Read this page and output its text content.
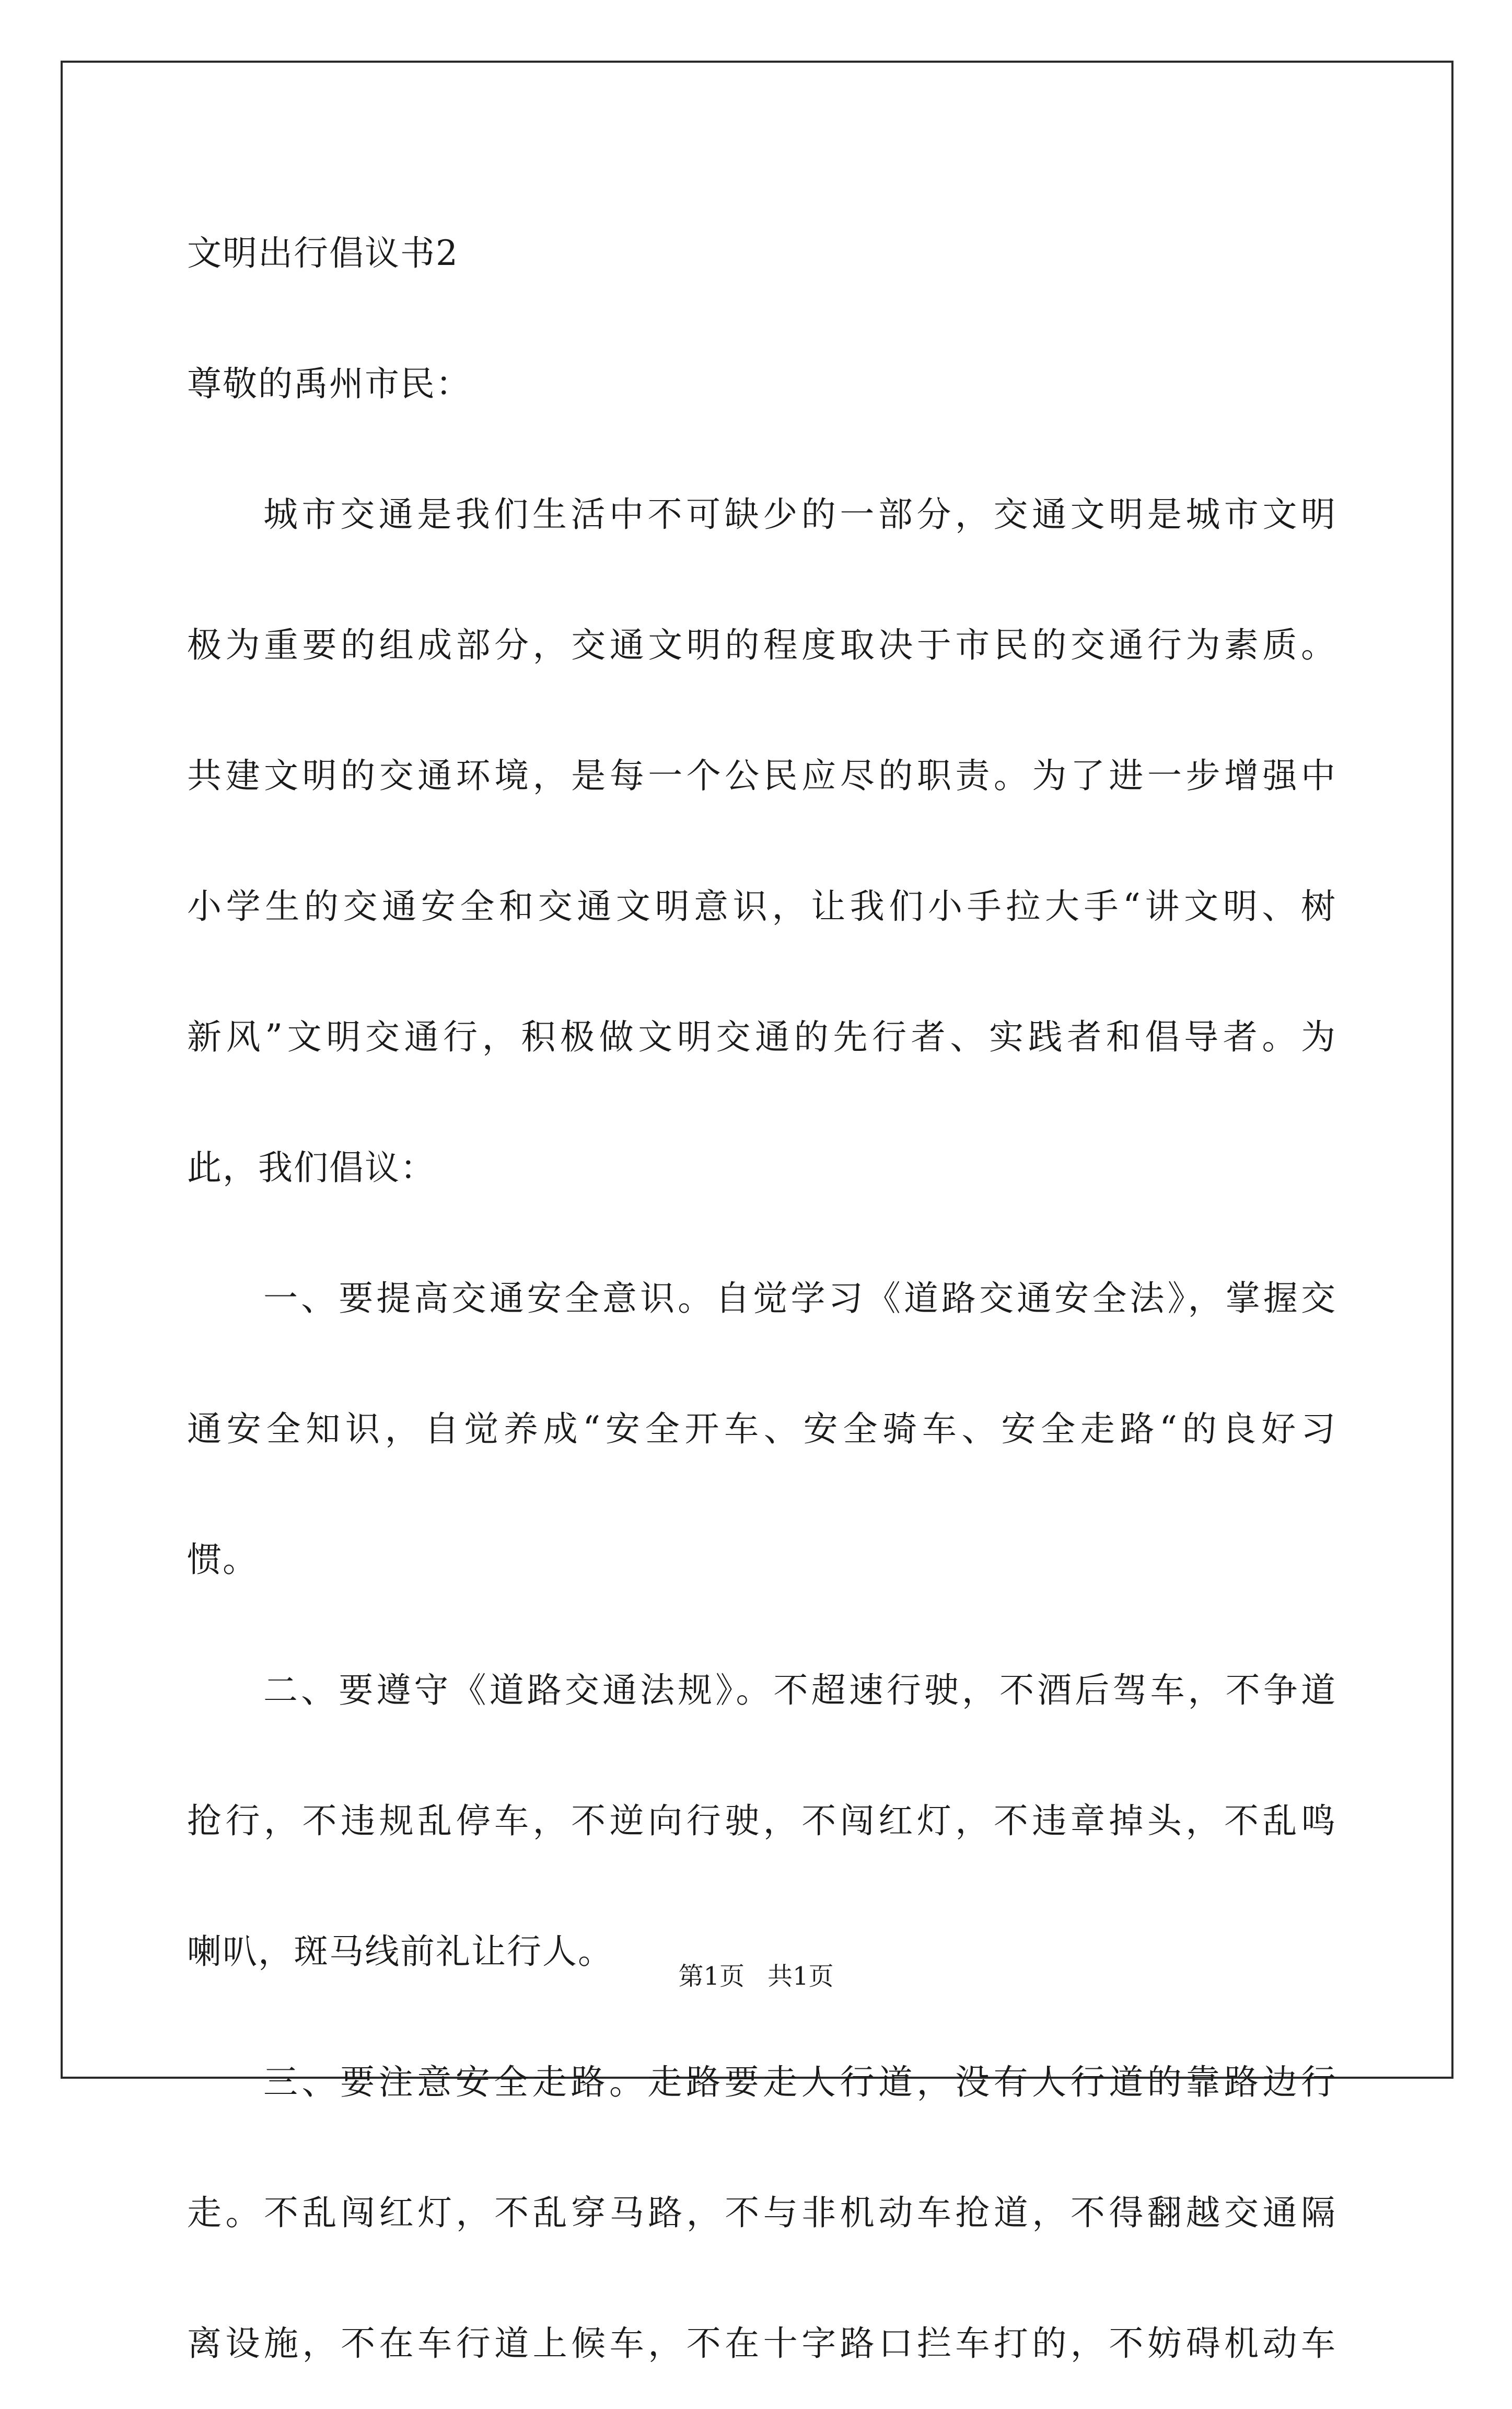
文明出行倡议书2
尊敬的禹州市民：
城市交通是我们生活中不可缺少的一部分，交通文明是城市文明
极为重要的组成部分，交通文明的程度取决于市民的交通行为素质。
共建文明的交通环境，是每一个公民应尽的职责。为了进一步增强中
小学生的交通安全和交通文明意识，让我们小手拉大手“讲文明、树
新风”文明交通行，积极做文明交通的先行者、实践者和倡导者。为
此，我们倡议：
一、要提高交通安全意识。自觉学习《道路交通安全法》，掌握交
通安全知识，自觉养成“安全开车、安全骑车、安全走路“的良好习
惯。
二、要遵守《道路交通法规》。不超速行驶，不酒后驾车，不争道
抢行，不违规乱停车，不逆向行驶，不闯红灯，不违章掉头，不乱鸣
喇叭，斑马线前礼让行人。
三、要注意安全走路。走路要走人行道，没有人行道的靠路边行
走。不乱闯红灯，不乱穿马路，不与非机动车抢道，不得翻越交通隔
离设施，不在车行道上候车，不在十字路口拦车打的，不妨碍机动车
第1页 共1页
